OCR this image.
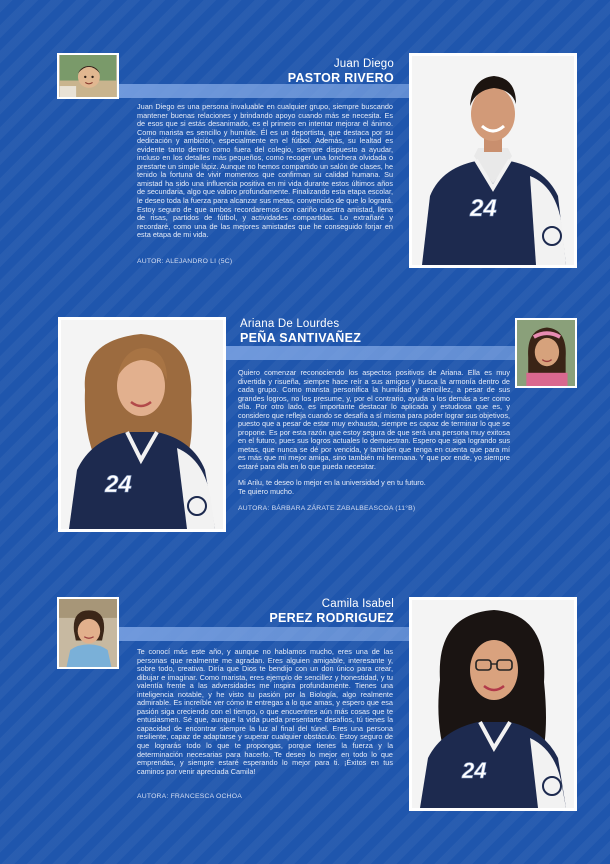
Juan Diego
PASTOR RIVERO
24

Juan Diego es una persona invaluable en cualquier grupo, siempre buscando mantener buenas relaciones y brindando apoyo cuando más se necesita. Es de esos que si estás desanimado, es el primero en intentar mejorar el ánimo. Como marista es sencillo y humilde. Él es un deportista, que destaca por su dedicación y ambición, especialmente en el fútbol. Además, su lealtad es evidente tanto dentro como fuera del colegio, siempre dispuesto a ayudar, incluso en los detalles más pequeños, como recoger una lonchera olvidada o prestarte un simple lápiz. Aunque no hemos compartido un salón de clases, he tenido la fortuna de vivir momentos que confirman su calidad humana. Su amistad ha sido una influencia positiva en mi vida durante estos últimos años de secundaria, algo que valoro profundamente. Finalizando esta etapa escolar, le deseo toda la fuerza para alcanzar sus metas, convencido de que lo logrará. Estoy seguro de que ambos recordaremos con cariño nuestra amistad, llena de risas, partidos de fútbol, y actividades compartidas. Lo extrañaré y recordaré, como una de las mejores amistades que he conseguido forjar en esta etapa de mi vida.

AUTOR: ALEJANDRO LI (5C)
24
Ariana De Lourdes
PEÑA SANTIVAÑEZ

Quiero comenzar reconociendo los aspectos positivos de Ariana. Ella es muy divertida y risueña, siempre hace reír a sus amigos y busca la armonía dentro de cada grupo. Como marista personifica la humildad y sencillez, a pesar de sus grandes logros, no los presume, y, por el contrario, ayuda a los demás a ser como ella. Por otro lado, es importante destacar lo aplicada y estudiosa que es, y considero que refleja cuando se desafía a sí misma para poder lograr sus objetivos, puesto que a pesar de estar muy exhausta, siempre es capaz de terminar lo que se propone. Es por esta razón que estoy segura de que será una persona muy exitosa en el futuro, pues sus logros actuales lo demuestran. Espero que siga logrando sus metas, que nunca se dé por vencida, y también que tenga en cuenta que para mí es más que mi mejor amiga, sino también mi hermana. Y que por ende, yo siempre estaré para ella en lo que pueda necesitar.

Mi Arilu, te deseo lo mejor en la universidad y en tu futuro.

Te quiero mucho.

AUTORA: BÁRBARA ZÁRATE ZABALBEASCOA (11°B)
Camila Isabel
PEREZ RODRIGUEZ
24

Te conocí más este año, y aunque no hablamos mucho, eres una de las personas que realmente me agradan. Eres alguien amigable, interesante y, sobre todo, creativa. Diría que Dios te bendijo con un don único para crear, dibujar e imaginar. Como marista, eres ejemplo de sencillez y honestidad, y tu valentía frente a las adversidades me inspira profundamente. Tienes una inteligencia notable, y he visto tu pasión por la Biología, algo realmente admirable. Es increíble ver cómo te entregas a lo que amas, y espero que esa pasión siga creciendo con el tiempo, o que encuentres aún más cosas que te entusiasmen. Sé que, aunque la vida pueda presentarte desafíos, tú tienes la capacidad de encontrar siempre la luz al final del túnel. Eres una persona resiliente, capaz de adaptarse y superar cualquier obstáculo. Estoy seguro de que lograrás todo lo que te propongas, porque tienes la fuerza y la determinación necesarias para hacerlo. Te deseo lo mejor en todo lo que emprendas, y siempre estaré esperando lo mejor para ti. ¡Éxitos en tus caminos por venir apreciada Camila!

AUTORA: FRANCESCA OCHOA
